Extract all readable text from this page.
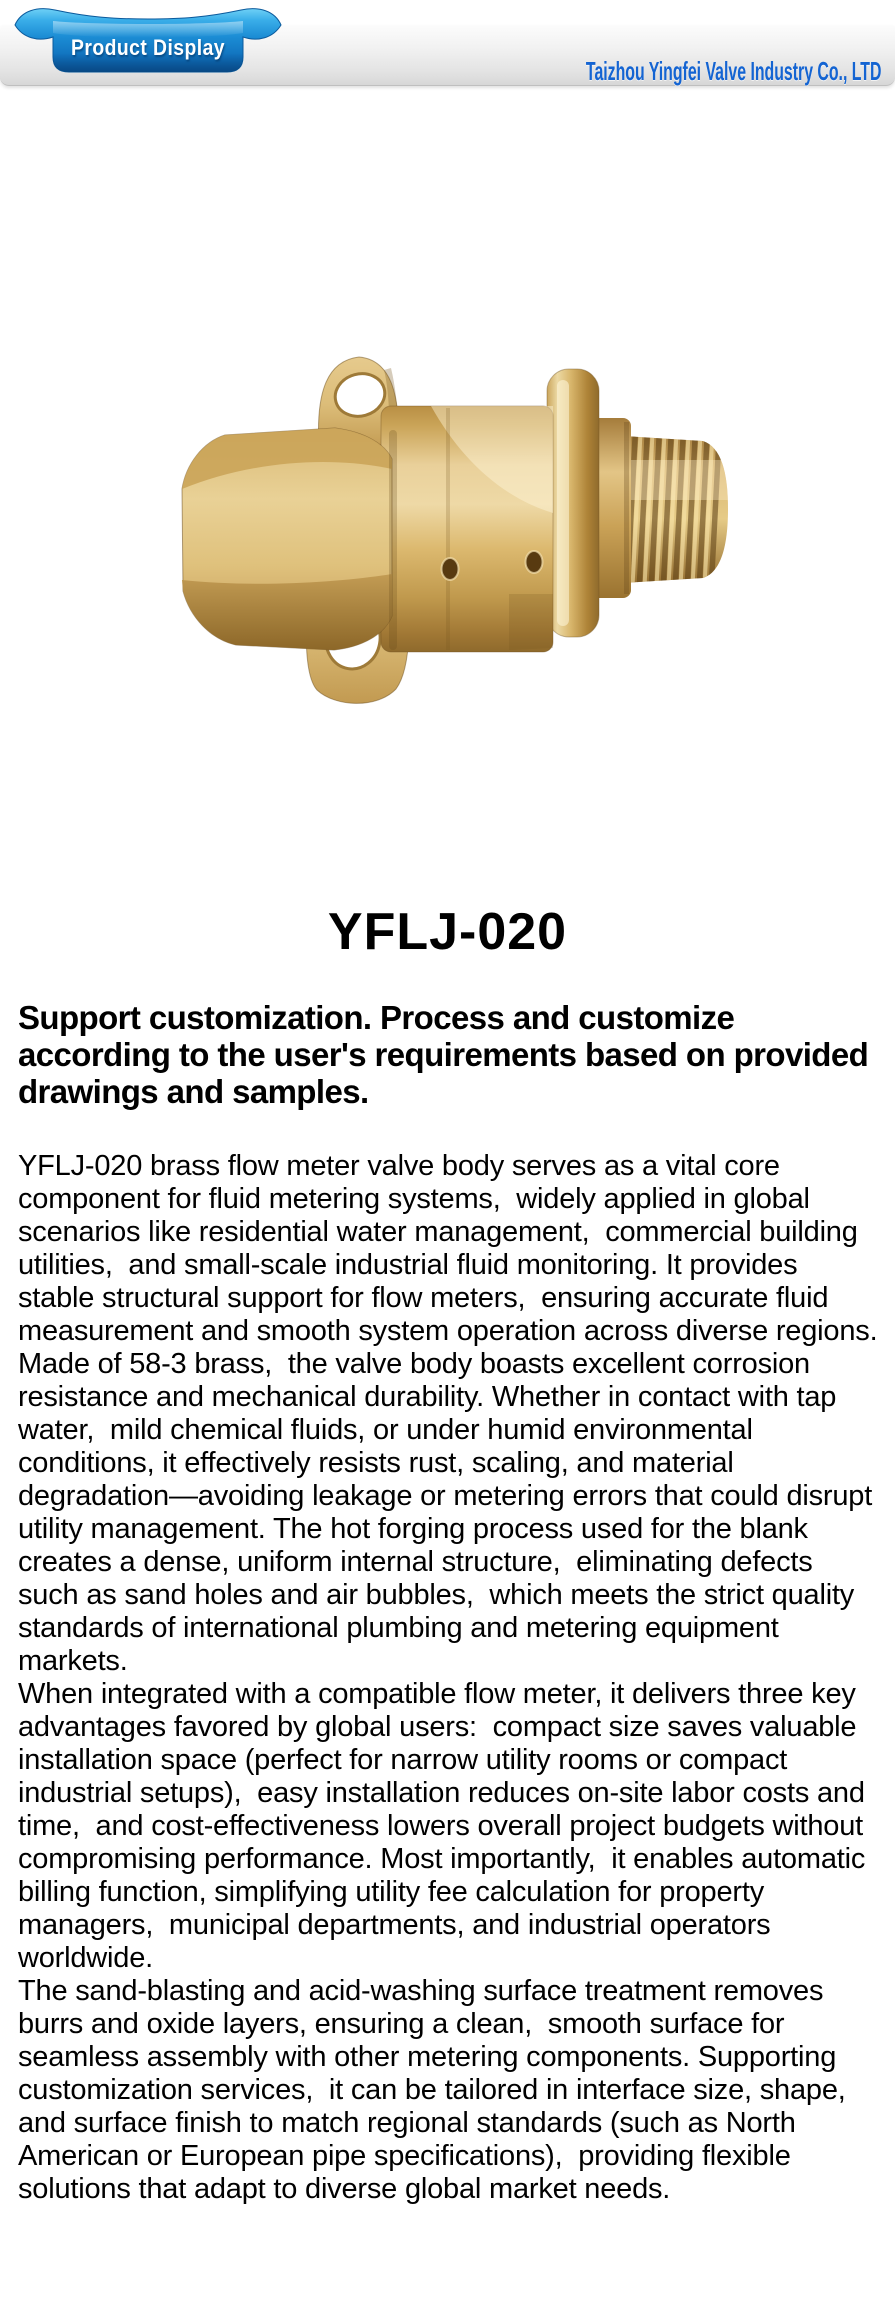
Taizhou Yingfei Valve Industry Co., LTD
Product Display
YFLJ-020
Support customization. Process and customize according to the user's requirements based on provided drawings and samples.

YFLJ-020 brass flow meter valve body serves as a vital core component for fluid metering systems,  widely applied in global scenarios like residential water management,  commercial building utilities,  and small-scale industrial fluid monitoring. It provides stable structural support for flow meters,  ensuring accurate fluid measurement and smooth system operation across diverse regions.

Made of 58-3 brass,  the valve body boasts excellent corrosion resistance and mechanical durability. Whether in contact with tap water,  mild chemical fluids, or under humid environmental conditions, it effectively resists rust, scaling, and material degradation—avoiding leakage or metering errors that could disrupt utility management. The hot forging process used for the blank creates a dense, uniform internal structure,  eliminating defects such as sand holes and air bubbles,  which meets the strict quality standards of international plumbing and metering equipment markets.

When integrated with a compatible flow meter, it delivers three key advantages favored by global users:  compact size saves valuable installation space (perfect for narrow utility rooms or compact industrial setups),  easy installation reduces on-site labor costs and time,  and cost-effectiveness lowers overall project budgets without compromising performance. Most importantly,  it enables automatic billing function, simplifying utility fee calculation for property managers,  municipal departments, and industrial operators worldwide.

The sand-blasting and acid-washing surface treatment removes burrs and oxide layers, ensuring a clean,  smooth surface for seamless assembly with other metering components. Supporting customization services,  it can be tailored in interface size, shape,  and surface finish to match regional standards (such as North American or European pipe specifications),  providing flexible solutions that adapt to diverse global market needs.
